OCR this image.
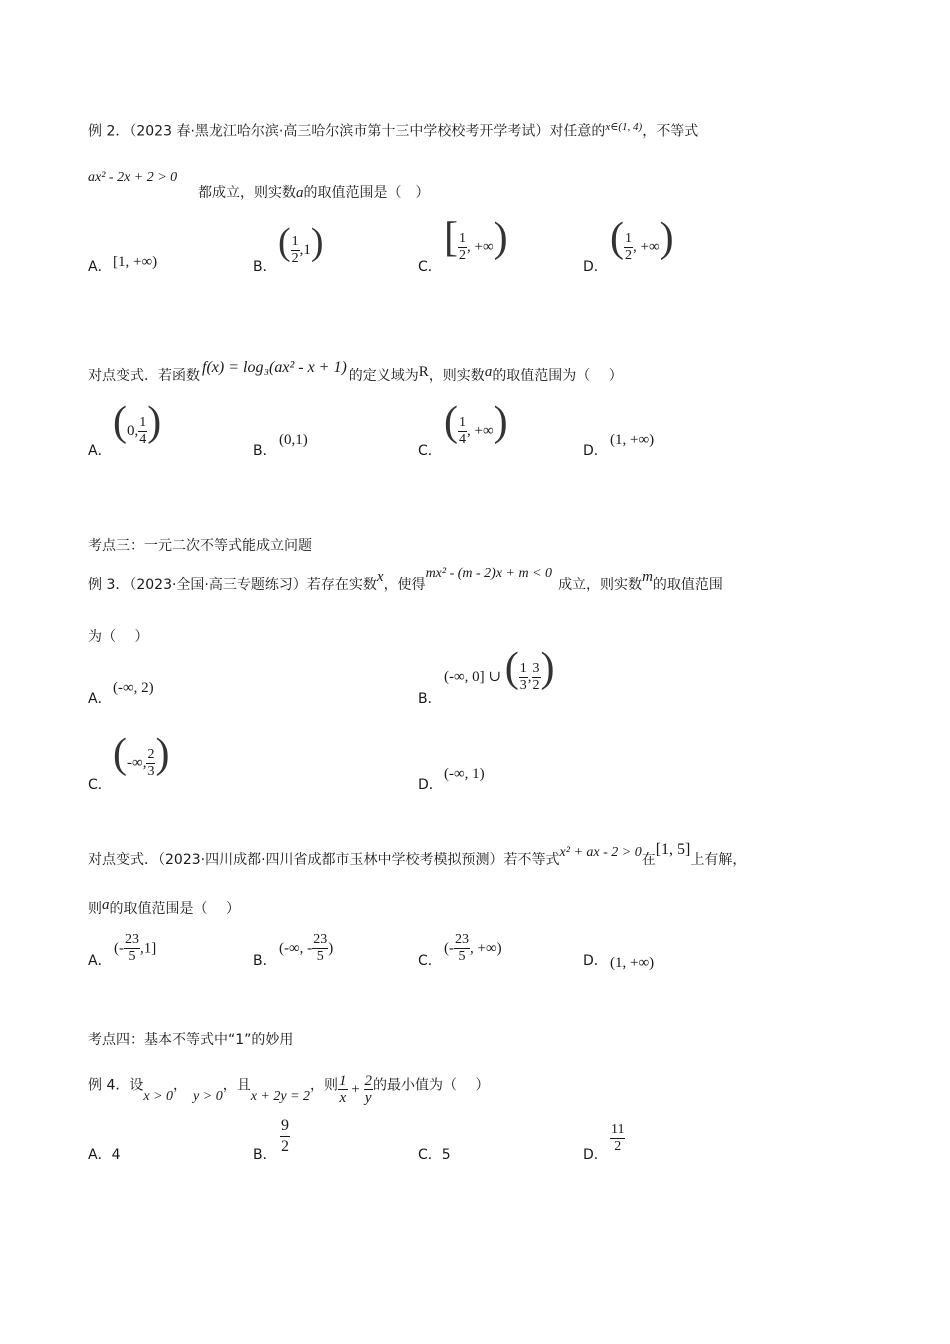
例 2．（2023 春·黑龙江哈尔滨·高三哈尔滨市第十三中学校校考开学考试）对任意的$^{x\in(1, 4)}$，不等式
ax² - 2x + 2 > 0
都成立，则实数a的取值范围是（　）
A． [1, +∞)	B．
( $\frac{1}{2} ,1$)
C．
[ $\frac{1}{2}$ , +∞)
D．
( $\frac{1}{2}$ , +∞)
对点变式．若函数 f(x) = log₃(ax² - x + 1) 的定义域为R，则实数a的取值范围为（　 ）
A．
(0, $\frac{1}{4}$ )
B．
(0,1)
C．
( $\frac{1}{4}$ , +∞)
D．
(1, +∞)
考点三：一元二次不等式能成立问题
例 3．（2023·全国·高三专题练习）若存在实数x，使得mx² - (m - 2)x + m < 0成立，则实数m的取值范围
为（　 ）
A．
(-∞, 2)
B．
(-∞, 0] ∪ ( $\frac{1}{3}$ , $\frac{3}{2}$ )
C．
(-∞, $\frac{2}{3}$ )
D．
(-∞, 1)
对点变式．（2023·四川成都·四川省成都市玉林中学校考模拟预测）若不等式x² + ax - 2 > 0在[1, 5]上有解，
则a的取值范围是（　 ）
A．
(- $\frac{23}{5} ,1$]
B．
(-∞, - $\frac{23}{5}$ )
C．
(- $\frac{23}{5}$ , +∞)
D． (1, +∞)
考点四：基本不等式中“1”的妙用
例 4．设x > 0，y > 0，且x + 2y = 2，则 $\frac{1}{x} + \frac{2}{y}$ 的最小值为（　 ）
A．4	B． $\frac{9}{2}$	C．5	D． $\frac{11}{2}$
